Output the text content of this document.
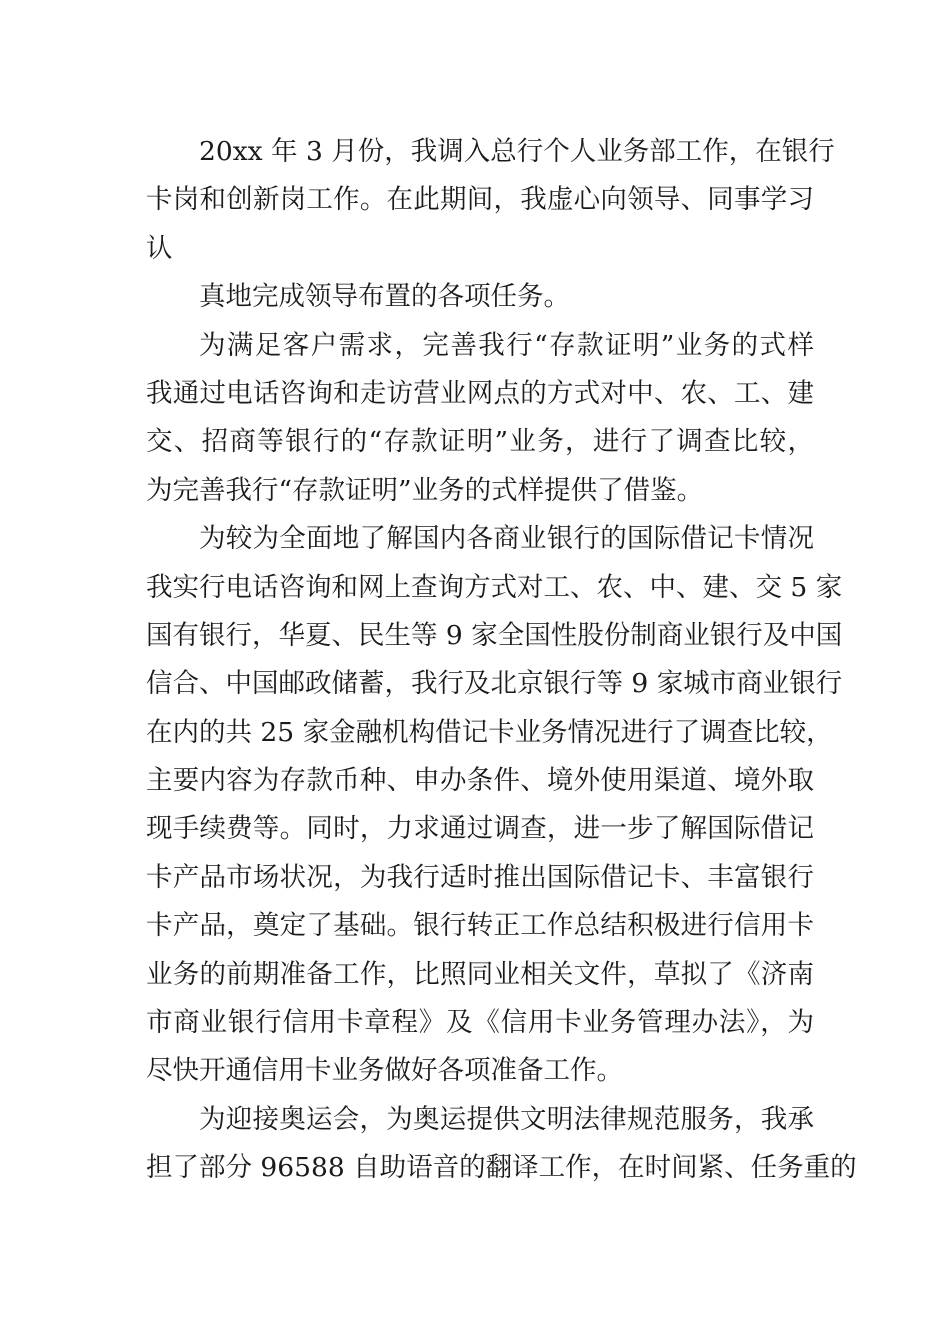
20xx 年 3 月份，我调入总行个人业务部工作，在银行
卡岗和创新岗工作。在此期间，我虚心向领导、同事学习
认
真地完成领导布置的各项任务。
为满足客户需求，完善我行“存款证明”业务的式样
我通过电话咨询和走访营业网点的方式对中、农、工、建
交、招商等银行的“存款证明”业务，进行了调查比较，
为完善我行“存款证明”业务的式样提供了借鉴。
为较为全面地了解国内各商业银行的国际借记卡情况
我实行电话咨询和网上查询方式对工、农、中、建、交 5 家
国有银行，华夏、民生等 9 家全国性股份制商业银行及中国
信合、中国邮政储蓄，我行及北京银行等 9 家城市商业银行
在内的共 25 家金融机构借记卡业务情况进行了调查比较，
主要内容为存款币种、申办条件、境外使用渠道、境外取
现手续费等。同时，力求通过调查，进一步了解国际借记
卡产品市场状况，为我行适时推出国际借记卡、丰富银行
卡产品，奠定了基础。银行转正工作总结积极进行信用卡
业务的前期准备工作，比照同业相关文件，草拟了《济南
市商业银行信用卡章程》及《信用卡业务管理办法》，为
尽快开通信用卡业务做好各项准备工作。
为迎接奥运会，为奥运提供文明法律规范服务，我承
担了部分 96588 自助语音的翻译工作，在时间紧、任务重的
